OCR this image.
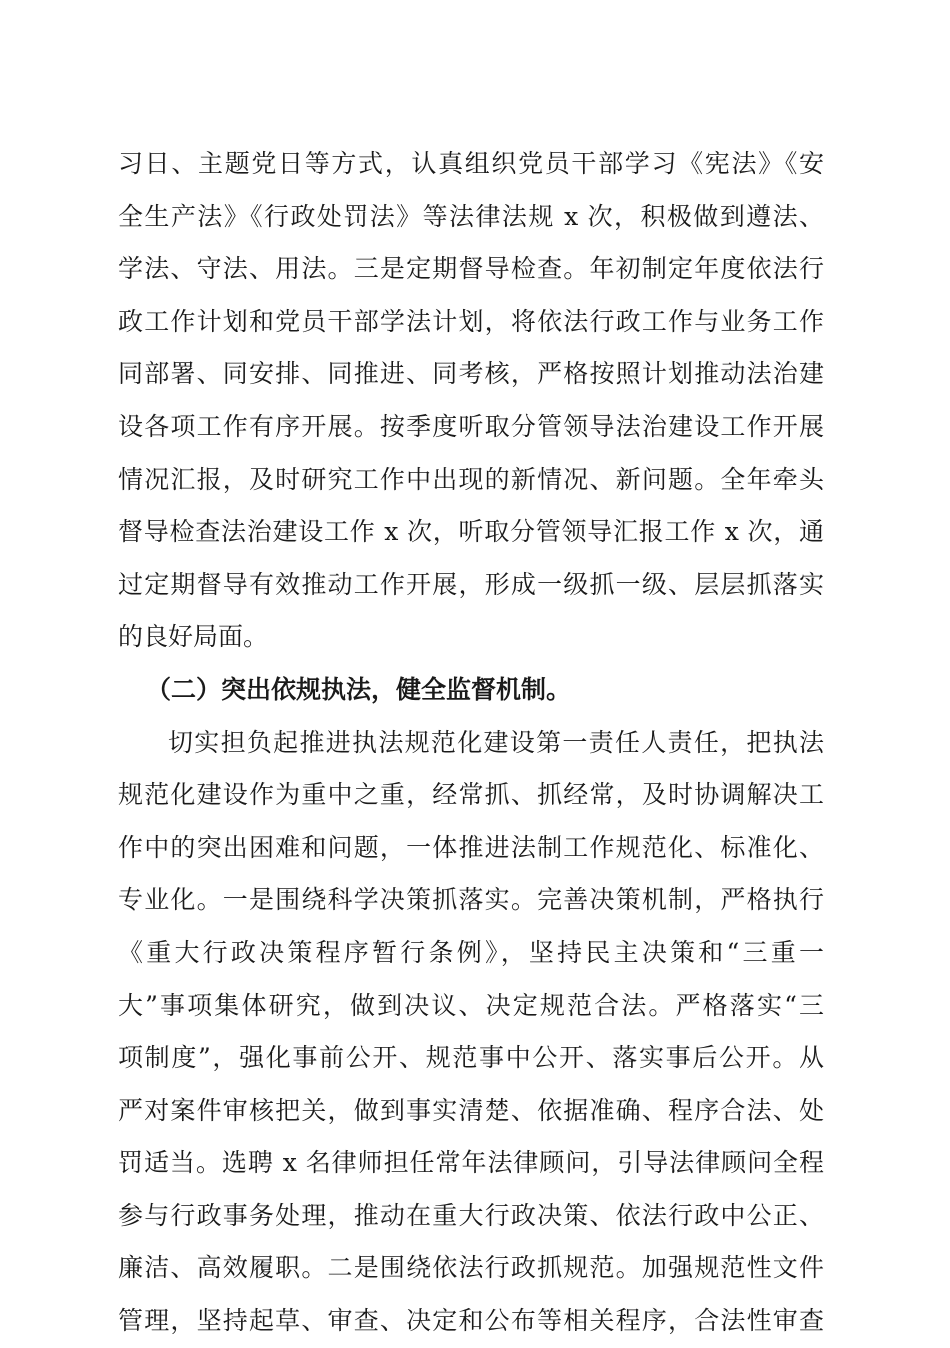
习日、主题党日等方式，认真组织党员干部学习《宪法》《安
全生产法》《行政处罚法》等法律法规 x 次，积极做到遵法、
学法、守法、用法。三是定期督导检查。年初制定年度依法行
政工作计划和党员干部学法计划，将依法行政工作与业务工作
同部署、同安排、同推进、同考核，严格按照计划推动法治建
设各项工作有序开展。按季度听取分管领导法治建设工作开展
情况汇报，及时研究工作中出现的新情况、新问题。全年牵头
督导检查法治建设工作 x 次，听取分管领导汇报工作 x 次，通
过定期督导有效推动工作开展，形成一级抓一级、层层抓落实
的良好局面。
（二）突出依规执法，健全监督机制。
切实担负起推进执法规范化建设第一责任人责任，把执法
规范化建设作为重中之重，经常抓、抓经常，及时协调解决工
作中的突出困难和问题，一体推进法制工作规范化、标准化、
专业化。一是围绕科学决策抓落实。完善决策机制，严格执行
《重大行政决策程序暂行条例》，坚持民主决策和“三重一
大”事项集体研究，做到决议、决定规范合法。严格落实“三
项制度”，强化事前公开、规范事中公开、落实事后公开。从
严对案件审核把关，做到事实清楚、依据准确、程序合法、处
罚适当。选聘 x 名律师担任常年法律顾问，引导法律顾问全程
参与行政事务处理，推动在重大行政决策、依法行政中公正、
廉洁、高效履职。二是围绕依法行政抓规范。加强规范性文件
管理，坚持起草、审查、决定和公布等相关程序，合法性审查
